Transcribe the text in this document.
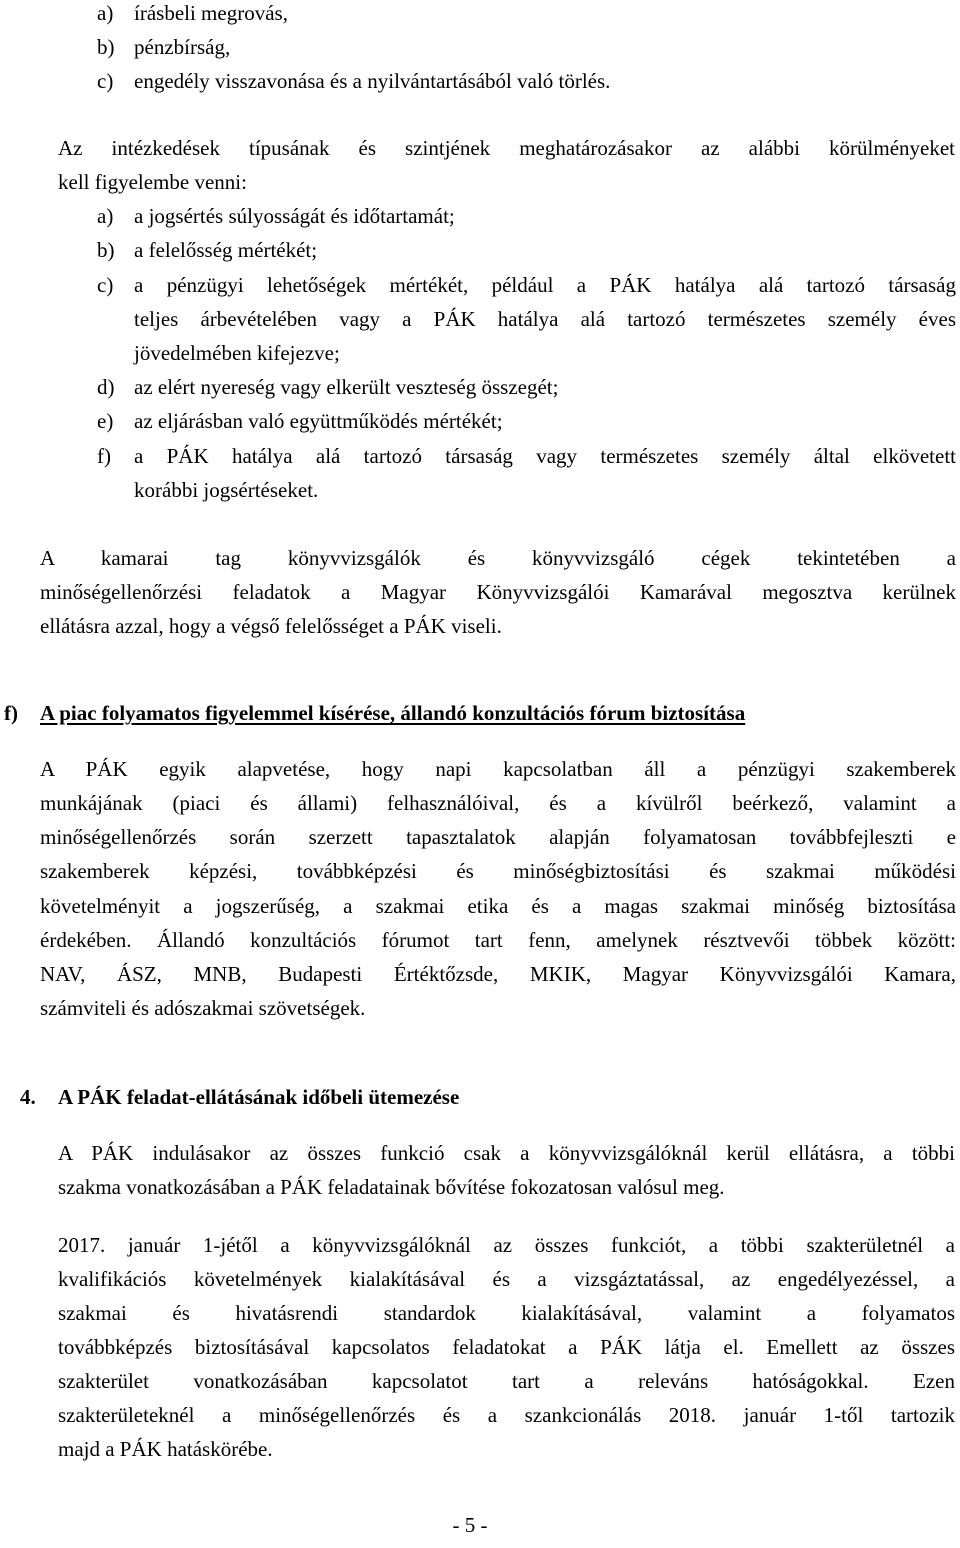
a) írásbeli megrovás,
b) pénzbírság,
c) engedély visszavonása és a nyilvántartásából való törlés.
Az intézkedések típusának és szintjének meghatározásakor az alábbi körülményeket
kell figyelembe venni:
a) a jogsértés súlyosságát és időtartamát;
b) a felelősség mértékét;
c) a pénzügyi lehetőségek mértékét, például a PÁK hatálya alá tartozó társaság
teljes árbevételében vagy a PÁK hatálya alá tartozó természetes személy éves
jövedelmében kifejezve;
d) az elért nyereség vagy elkerült veszteség összegét;
e) az eljárásban való együttműködés mértékét;
f) a PÁK hatálya alá tartozó társaság vagy természetes személy által elkövetett
korábbi jogsértéseket.
A kamarai tag könyvvizsgálók és könyvvizsgáló cégek tekintetében a
minőségellenőrzési feladatok a Magyar Könyvvizsgálói Kamarával megosztva kerülnek
ellátásra azzal, hogy a végső felelősséget a PÁK viseli.
f) A piac folyamatos figyelemmel kísérése, állandó konzultációs fórum biztosítása
A PÁK egyik alapvetése, hogy napi kapcsolatban áll a pénzügyi szakemberek
munkájának (piaci és állami) felhasználóival, és a kívülről beérkező, valamint a
minőségellenőrzés során szerzett tapasztalatok alapján folyamatosan továbbfejleszti e
szakemberek képzési, továbbképzési és minőségbiztosítási és szakmai működési
követelményit a jogszerűség, a szakmai etika és a magas szakmai minőség biztosítása
érdekében. Állandó konzultációs fórumot tart fenn, amelynek résztvevői többek között:
NAV, ÁSZ, MNB, Budapesti Értéktőzsde, MKIK, Magyar Könyvvizsgálói Kamara,
számviteli és adószakmai szövetségek.
4. A PÁK feladat-ellátásának időbeli ütemezése
A PÁK indulásakor az összes funkció csak a könyvvizsgálóknál kerül ellátásra, a többi
szakma vonatkozásában a PÁK feladatainak bővítése fokozatosan valósul meg.
2017. január 1-jétől a könyvvizsgálóknál az összes funkciót, a többi szakterületnél a
kvalifikációs követelmények kialakításával és a vizsgáztatással, az engedélyezéssel, a
szakmai és hivatásrendi standardok kialakításával, valamint a folyamatos
továbbképzés biztosításával kapcsolatos feladatokat a PÁK látja el. Emellett az összes
szakterület vonatkozásában kapcsolatot tart a releváns hatóságokkal. Ezen
szakterületeknél a minőségellenőrzés és a szankcionálás 2018. január 1-től tartozik
majd a PÁK hatáskörébe.
- 5 -
